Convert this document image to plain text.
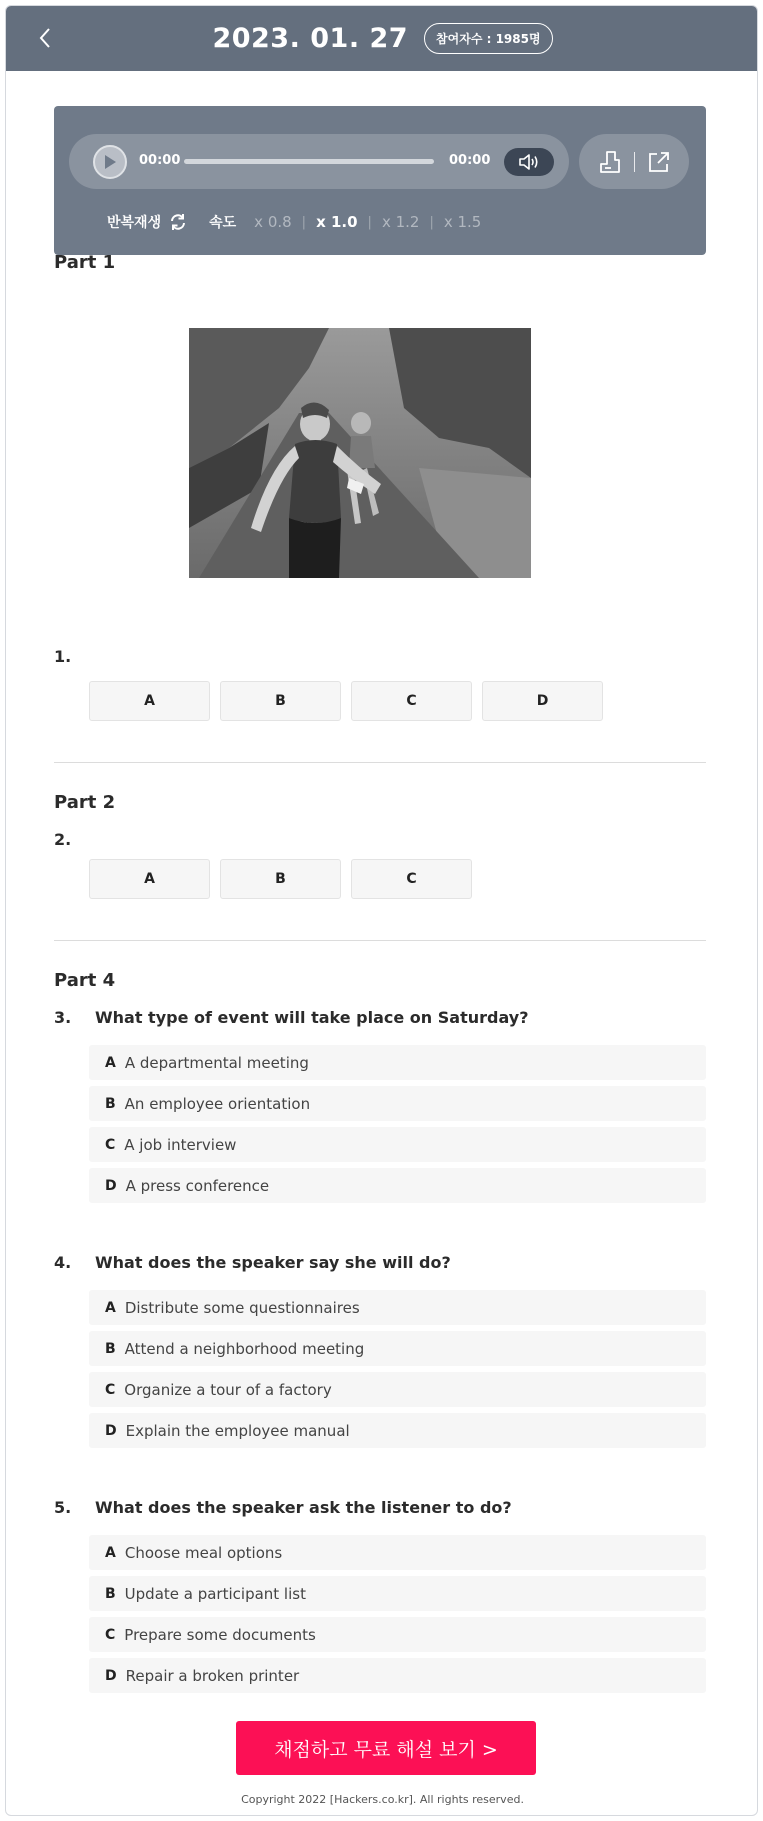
2023. 01. 27	참여자수 : 1985명
00:00	00:00
반복재생	속도 x 0.8 | x 1.0 | x 1.2 | x 1.5
Part 1
1.
A	B	C	D
Part 2
2.
A	B	C
Part 4
3. What type of event will take place on Saturday?
A A departmental meeting
B An employee orientation
C A job interview
D A press conference
4. What does the speaker say she will do?
A Distribute some questionnaires
B Attend a neighborhood meeting
C Organize a tour of a factory
D Explain the employee manual
5. What does the speaker ask the listener to do?
A Choose meal options
B Update a participant list
C Prepare some documents
D Repair a broken printer
채점하고 무료 해설 보기 >
Copyright 2022 [Hackers.co.kr]. All rights reserved.
